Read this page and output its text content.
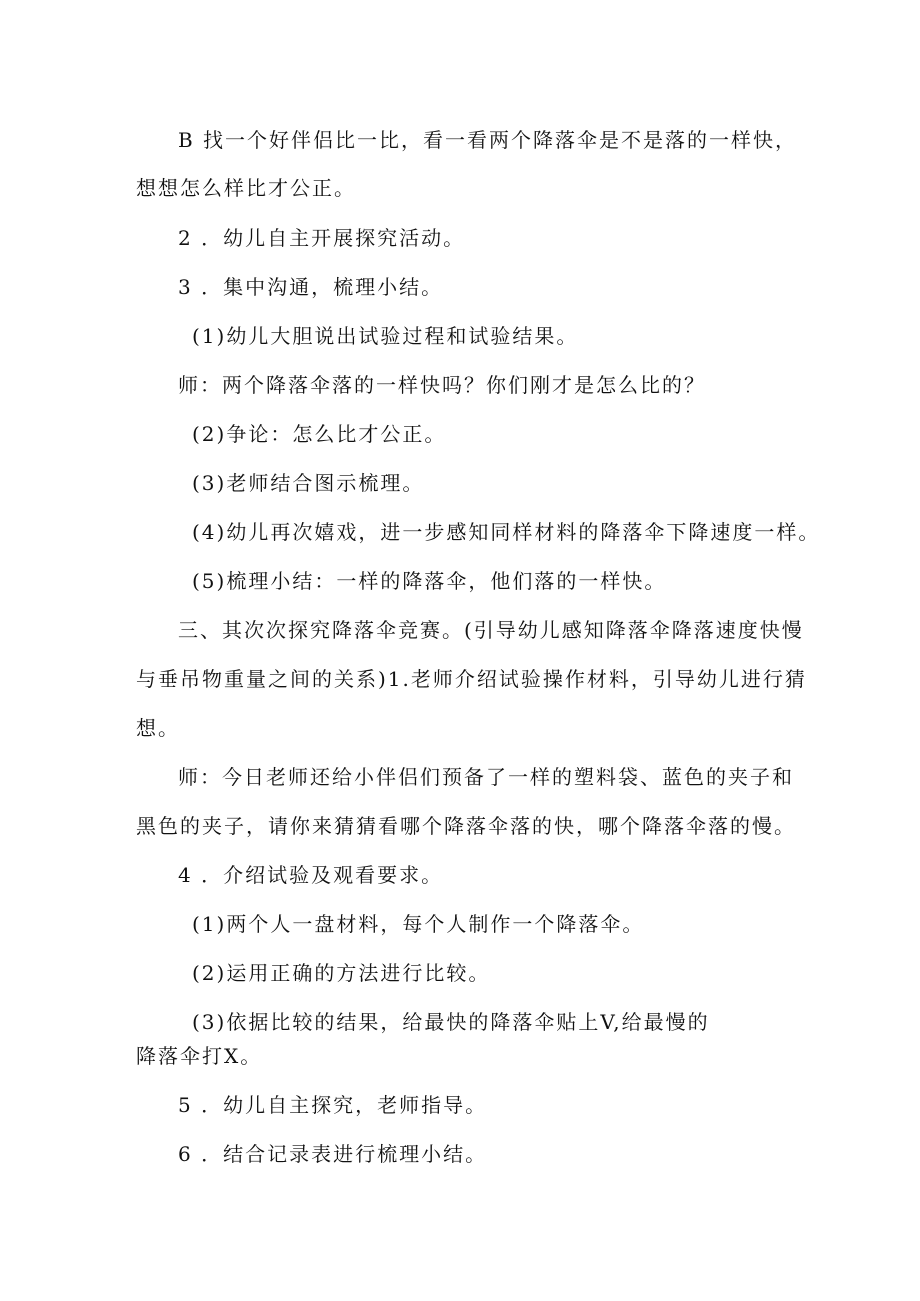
B 找一个好伴侣比一比，看一看两个降落伞是不是落的一样快，

想想怎么样比才公正。

2 ．幼儿自主开展探究活动。

3 ．集中沟通，梳理小结。

(1)幼儿大胆说出试验过程和试验结果。

师：两个降落伞落的一样快吗？你们刚才是怎么比的？

(2)争论：怎么比才公正。

(3)老师结合图示梳理。

(4)幼儿再次嬉戏，进一步感知同样材料的降落伞下降速度一样。

(5)梳理小结：一样的降落伞，他们落的一样快。

三、其次次探究降落伞竞赛。(引导幼儿感知降落伞降落速度快慢

与垂吊物重量之间的关系)1.老师介绍试验操作材料，引导幼儿进行猜

想。

师：今日老师还给小伴侣们预备了一样的塑料袋、蓝色的夹子和

黑色的夹子，请你来猜猜看哪个降落伞落的快，哪个降落伞落的慢。

4 ．介绍试验及观看要求。

(1)两个人一盘材料，每个人制作一个降落伞。

(2)运用正确的方法进行比较。

(3)依据比较的结果，给最快的降落伞贴上V,给最慢的

降落伞打X。

5 ．幼儿自主探究，老师指导。

6 ．结合记录表进行梳理小结。
